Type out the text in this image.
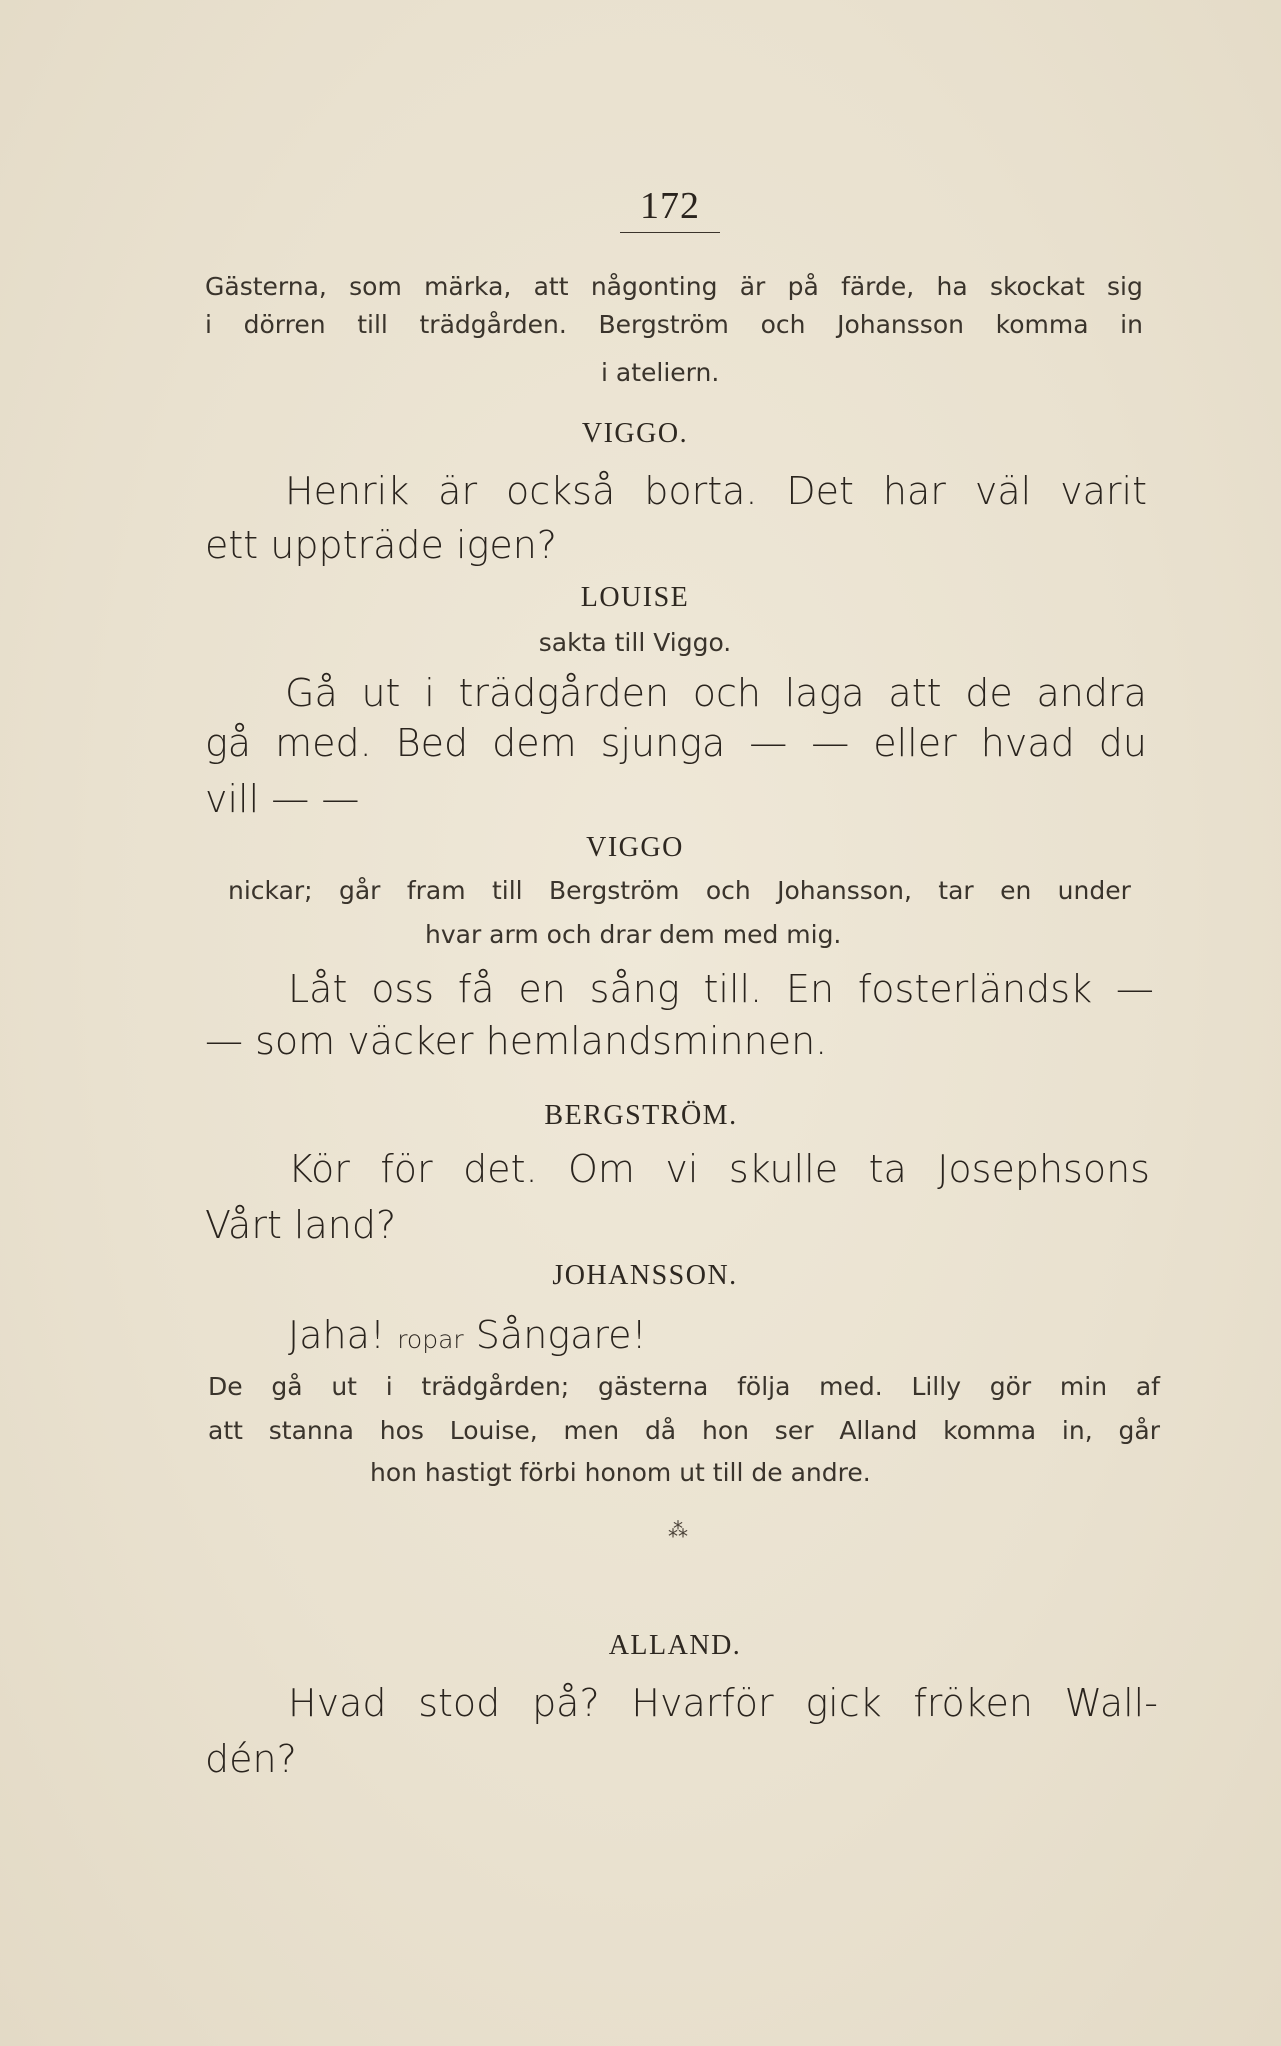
172
Gästerna, som märka, att någonting är på färde, ha skockat sig
i dörren till trädgården. Bergström och Johansson komma in
i ateliern.
VIGGO.
Henrik är också borta. Det har väl varit
ett uppträde igen?
LOUISE
sakta till Viggo.
Gå ut i trädgården och laga att de andra
gå med. Bed dem sjunga — — eller hvad du
vill — —
VIGGO
nickar; går fram till Bergström och Johansson, tar en under
hvar arm och drar dem med mig.
Låt oss få en sång till. En fosterländsk —
— som väcker hemlandsminnen.
BERGSTRÖM.
Kör för det. Om vi skulle ta Josephsons
Vårt land?
JOHANSSON.
Jaha! ropar Sångare!
De gå ut i trädgården; gästerna följa med. Lilly gör min af
att stanna hos Louise, men då hon ser Alland komma in, går
hon hastigt förbi honom ut till de andre.
⁂
ALLAND.
Hvad stod på? Hvarför gick fröken Wall-
dén?
